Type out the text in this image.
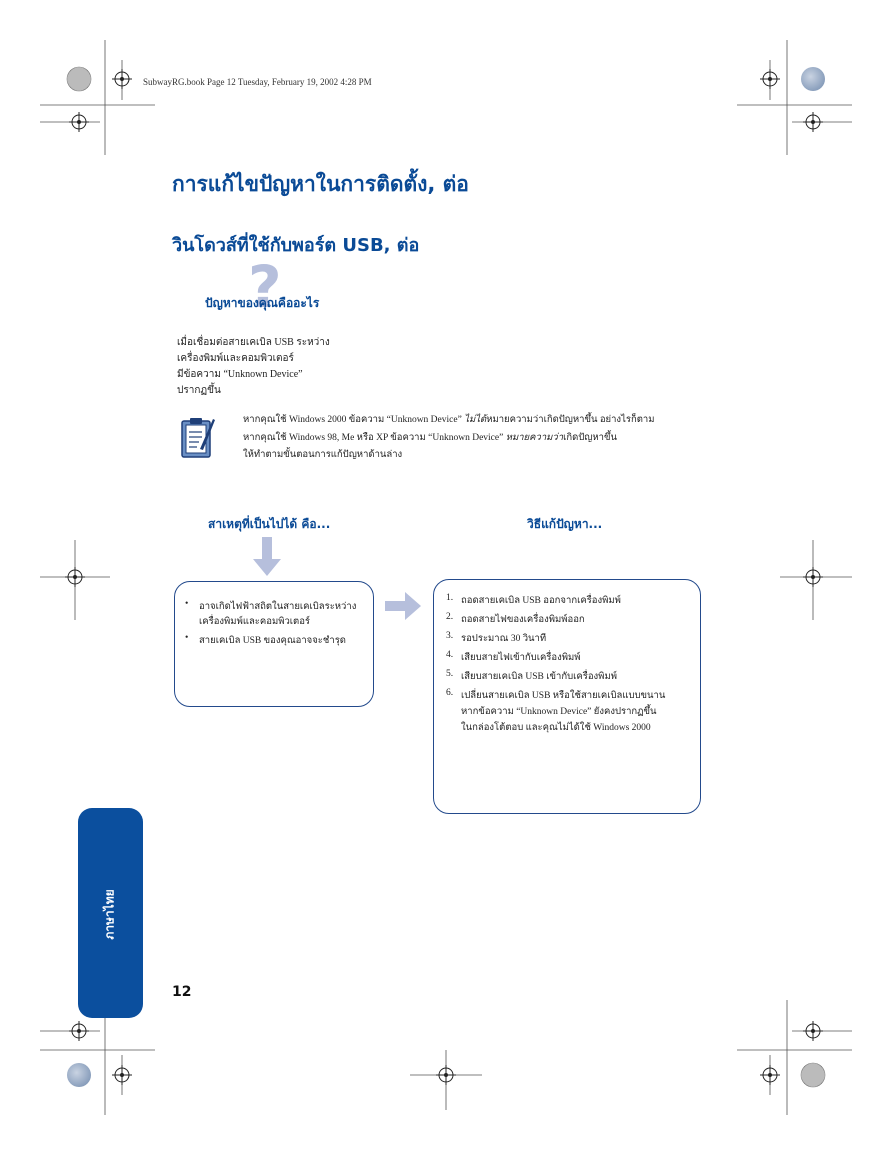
SubwayRG.book Page 12 Tuesday, February 19, 2002 4:28 PM
การแก้ไขปัญหาในการติดตั้ง, ต่อ
วินโดวส์ที่ใช้กับพอร์ต USB, ต่อ
?
ปัญหาของคุณคืออะไร
เมื่อเชื่อมต่อสายเคเบิล USB ระหว่าง
เครื่องพิมพ์และคอมพิวเตอร์
มีข้อความ “Unknown Device”
ปรากฏขึ้น
หากคุณใช้ Windows 2000 ข้อความ “Unknown Device” ไม่ได้หมายความว่าเกิดปัญหาขึ้น อย่างไรก็ตาม
หากคุณใช้ Windows 98, Me หรือ XP ข้อความ “Unknown Device” หมายความว่าเกิดปัญหาขึ้น
ให้ทำตามขั้นตอนการแก้ปัญหาด้านล่าง
สาเหตุที่เป็นไปได้ คือ...
• อาจเกิดไฟฟ้าสถิตในสายเคเบิลระหว่าง
เครื่องพิมพ์และคอมพิวเตอร์
• สายเคเบิล USB ของคุณอาจจะชำรุด
วิธีแก้ปัญหา...
1. ถอดสายเคเบิล USB ออกจากเครื่องพิมพ์
2. ถอดสายไฟของเครื่องพิมพ์ออก
3. รอประมาณ 30 วินาที
4. เสียบสายไฟเข้ากับเครื่องพิมพ์
5. เสียบสายเคเบิล USB เข้ากับเครื่องพิมพ์
6. เปลี่ยนสายเคเบิล USB หรือใช้สายเคเบิลแบบขนาน
หากข้อความ “Unknown Device” ยังคงปรากฏขึ้น
ในกล่องโต้ตอบ และคุณไม่ได้ใช้ Windows 2000
ภาษาไทย
12
